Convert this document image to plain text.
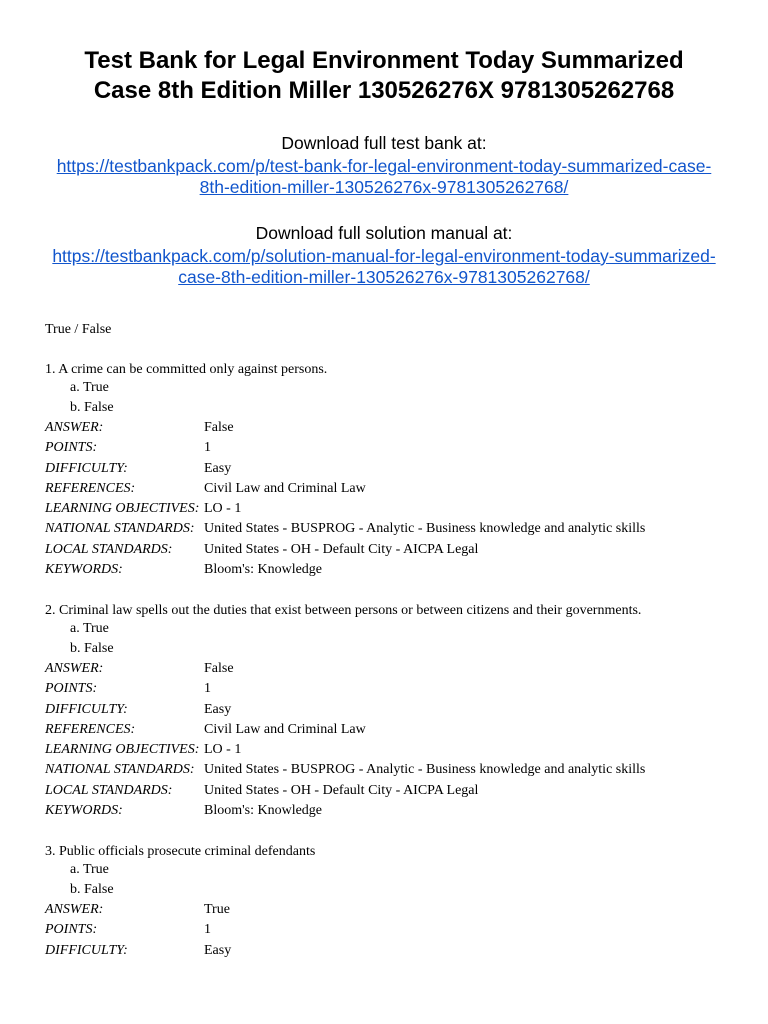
Test Bank for Legal Environment Today Summarized
Case 8th Edition Miller 130526276X 9781305262768
Download full test bank at:
https://testbankpack.com/p/test-bank-for-legal-environment-today-summarized-case-
8th-edition-miller-130526276x-9781305262768/
Download full solution manual at:
https://testbankpack.com/p/solution-manual-for-legal-environment-today-summarized-
case-8th-edition-miller-130526276x-9781305262768/
True / False
1. A crime can be committed only against persons.
a. True
b. False
ANSWER:	False
POINTS:	1
DIFFICULTY:	Easy
REFERENCES:	Civil Law and Criminal Law
LEARNING OBJECTIVES: LO - 1
NATIONAL STANDARDS: United States - BUSPROG - Analytic - Business knowledge and analytic skills
LOCAL STANDARDS:	United States - OH - Default City - AICPA Legal
KEYWORDS:	Bloom's: Knowledge
2. Criminal law spells out the duties that exist between persons or between citizens and their governments.
a. True
b. False
ANSWER:	False
POINTS:	1
DIFFICULTY:	Easy
REFERENCES:	Civil Law and Criminal Law
LEARNING OBJECTIVES: LO - 1
NATIONAL STANDARDS: United States - BUSPROG - Analytic - Business knowledge and analytic skills
LOCAL STANDARDS:	United States - OH - Default City - AICPA Legal
KEYWORDS:	Bloom's: Knowledge
3. Public officials prosecute criminal defendants
a. True
b. False
ANSWER:	True
POINTS:	1
DIFFICULTY:	Easy
